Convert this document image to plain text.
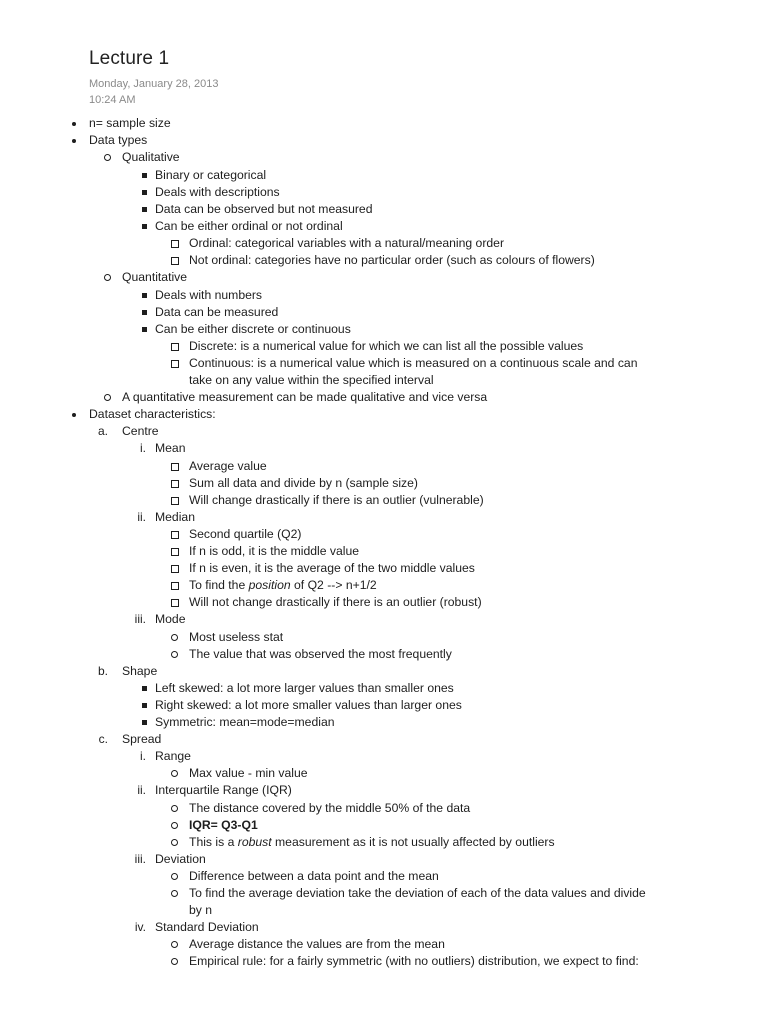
Lecture 1
Monday, January 28, 2013
10:24 AM
n= sample size
Data types
Qualitative
Binary or categorical
Deals with descriptions
Data can be observed but not measured
Can be either ordinal or not ordinal
Ordinal: categorical variables with a natural/meaning order
Not ordinal: categories have no particular order (such as colours of flowers)
Quantitative
Deals with numbers
Data can be measured
Can be either discrete or continuous
Discrete: is a numerical value for which we can list all the possible values
Continuous: is a numerical value which is measured on a continuous scale and can
take on any value within the specified interval
A quantitative measurement can be made qualitative and vice versa
Dataset characteristics:
a. Centre
i. Mean
Average value
Sum all data and divide by n (sample size)
Will change drastically if there is an outlier (vulnerable)
ii. Median
Second quartile (Q2)
If n is odd, it is the middle value
If n is even, it is the average of the two middle values
To find the position of Q2 --> n+1/2
Will not change drastically if there is an outlier (robust)
iii. Mode
Most useless stat
The value that was observed the most frequently
b. Shape
Left skewed: a lot more larger values than smaller ones
Right skewed: a lot more smaller values than larger ones
Symmetric: mean=mode=median
c. Spread
i. Range
Max value - min value
ii. Interquartile Range (IQR)
The distance covered by the middle 50% of the data
IQR= Q3-Q1
This is a robust measurement as it is not usually affected by outliers
iii. Deviation
Difference between a data point and the mean
To find the average deviation take the deviation of each of the data values and divide
by n
iv. Standard Deviation
Average distance the values are from the mean
Empirical rule: for a fairly symmetric (with no outliers) distribution, we expect to find:
